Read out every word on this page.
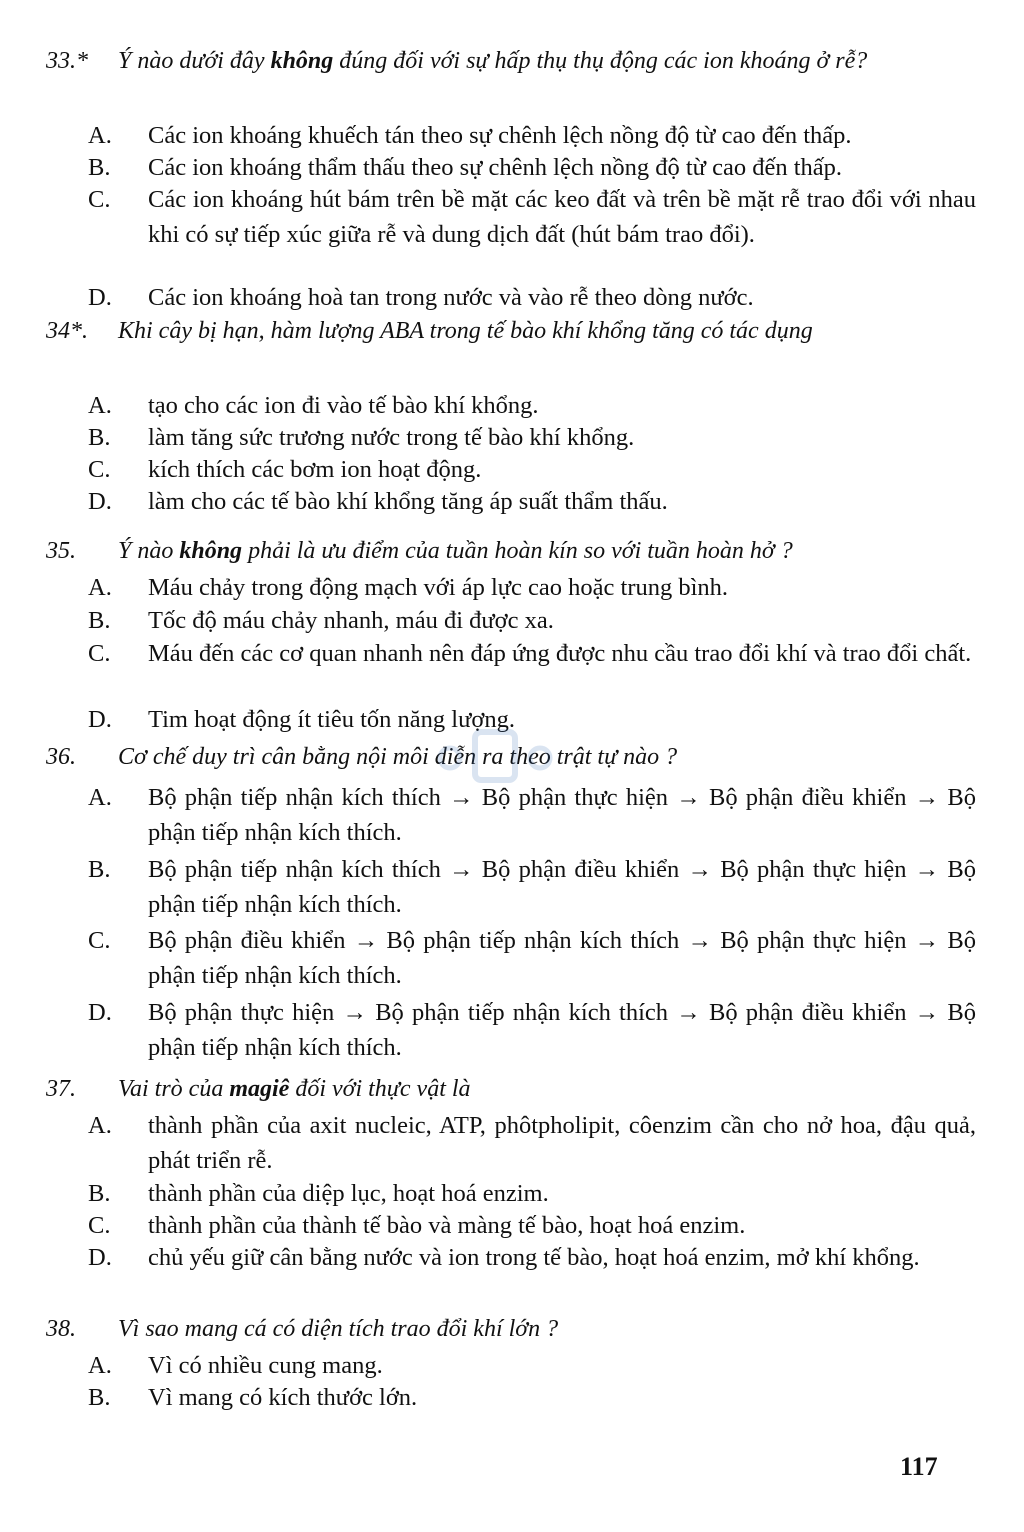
33.*	Ý nào dưới đây không đúng đối với sự hấp thụ thụ động các ion khoáng ở rễ?
A. Các ion khoáng khuếch tán theo sự chênh lệch nồng độ từ cao đến thấp.
B. Các ion khoáng thẩm thấu theo sự chênh lệch nồng độ từ cao đến thấp.
C. Các ion khoáng hút bám trên bề mặt các keo đất và trên bề mặt rễ trao đổi với nhau khi có sự tiếp xúc giữa rễ và dung dịch đất (hút bám trao đổi).
D. Các ion khoáng hoà tan trong nước và vào rễ theo dòng nước.
34*.	Khi cây bị hạn, hàm lượng ABA trong tế bào khí khổng tăng có tác dụng
A. tạo cho các ion đi vào tế bào khí khổng.
B. làm tăng sức trương nước trong tế bào khí khổng.
C. kích thích các bơm ion hoạt động.
D. làm cho các tế bào khí khổng tăng áp suất thẩm thấu.
35.	Ý nào không phải là ưu điểm của tuần hoàn kín so với tuần hoàn hở ?
A. Máu chảy trong động mạch với áp lực cao hoặc trung bình.
B. Tốc độ máu chảy nhanh, máu đi được xa.
C. Máu đến các cơ quan nhanh nên đáp ứng được nhu cầu trao đổi khí và trao đổi chất.
D. Tim hoạt động ít tiêu tốn năng lượng.
36.	Cơ chế duy trì cân bằng nội môi diễn ra theo trật tự nào ?
A. Bộ phận tiếp nhận kích thích → Bộ phận thực hiện → Bộ phận điều khiển → Bộ phận tiếp nhận kích thích.
B. Bộ phận tiếp nhận kích thích → Bộ phận điều khiển → Bộ phận thực hiện → Bộ phận tiếp nhận kích thích.
C. Bộ phận điều khiển → Bộ phận tiếp nhận kích thích → Bộ phận thực hiện → Bộ phận tiếp nhận kích thích.
D. Bộ phận thực hiện → Bộ phận tiếp nhận kích thích → Bộ phận điều khiển → Bộ phận tiếp nhận kích thích.
37.	Vai trò của magiê đối với thực vật là
A. thành phần của axit nucleic, ATP, phôtpholipit, côenzim cần cho nở hoa, đậu quả, phát triển rễ.
B. thành phần của diệp lục, hoạt hoá enzim.
C. thành phần của thành tế bào và màng tế bào, hoạt hoá enzim.
D. chủ yếu giữ cân bằng nước và ion trong tế bào, hoạt hoá enzim, mở khí khổng.
38.	Vì sao mang cá có diện tích trao đổi khí lớn ?
A. Vì có nhiều cung mang.
B. Vì mang có kích thước lớn.
117
